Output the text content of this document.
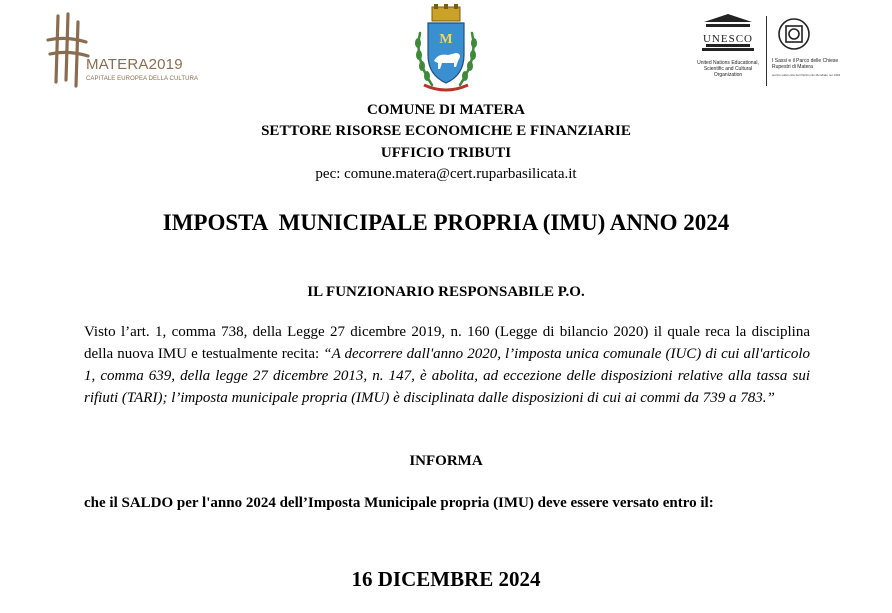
MATERA2019
CAPITALE EUROPEA DELLA CULTURA
M	UNESCO
United Nations Educational, Scientific and Cultural Organization
I Sassi e il Parco delle Chiese Rupestri di Matera
iscritto sulla Lista del Patrimonio Mondiale nel 1993
COMUNE DI MATERA
SETTORE RISORSE ECONOMICHE E FINANZIARIE
UFFICIO TRIBUTI
pec: comune.matera@cert.ruparbasilicata.it
IMPOSTA  MUNICIPALE PROPRIA (IMU) ANNO 2024
IL FUNZIONARIO RESPONSABILE P.O.
Visto l’art. 1, comma 738, della Legge 27 dicembre 2019, n. 160 (Legge di bilancio 2020) il quale reca la disciplina della nuova IMU e testualmente recita: “A decorrere dall'anno 2020, l’imposta unica comunale (IUC) di cui all'articolo 1, comma 639, della legge 27 dicembre 2013, n. 147, è abolita, ad eccezione delle disposizioni relative alla tassa sui rifiuti (TARI); l’imposta municipale propria (IMU) è disciplinata dalle disposizioni di cui ai commi da 739 a 783.”
INFORMA
che il SALDO per l'anno 2024 dell’Imposta Municipale propria (IMU) deve essere versato entro il:
16 DICEMBRE 2024
